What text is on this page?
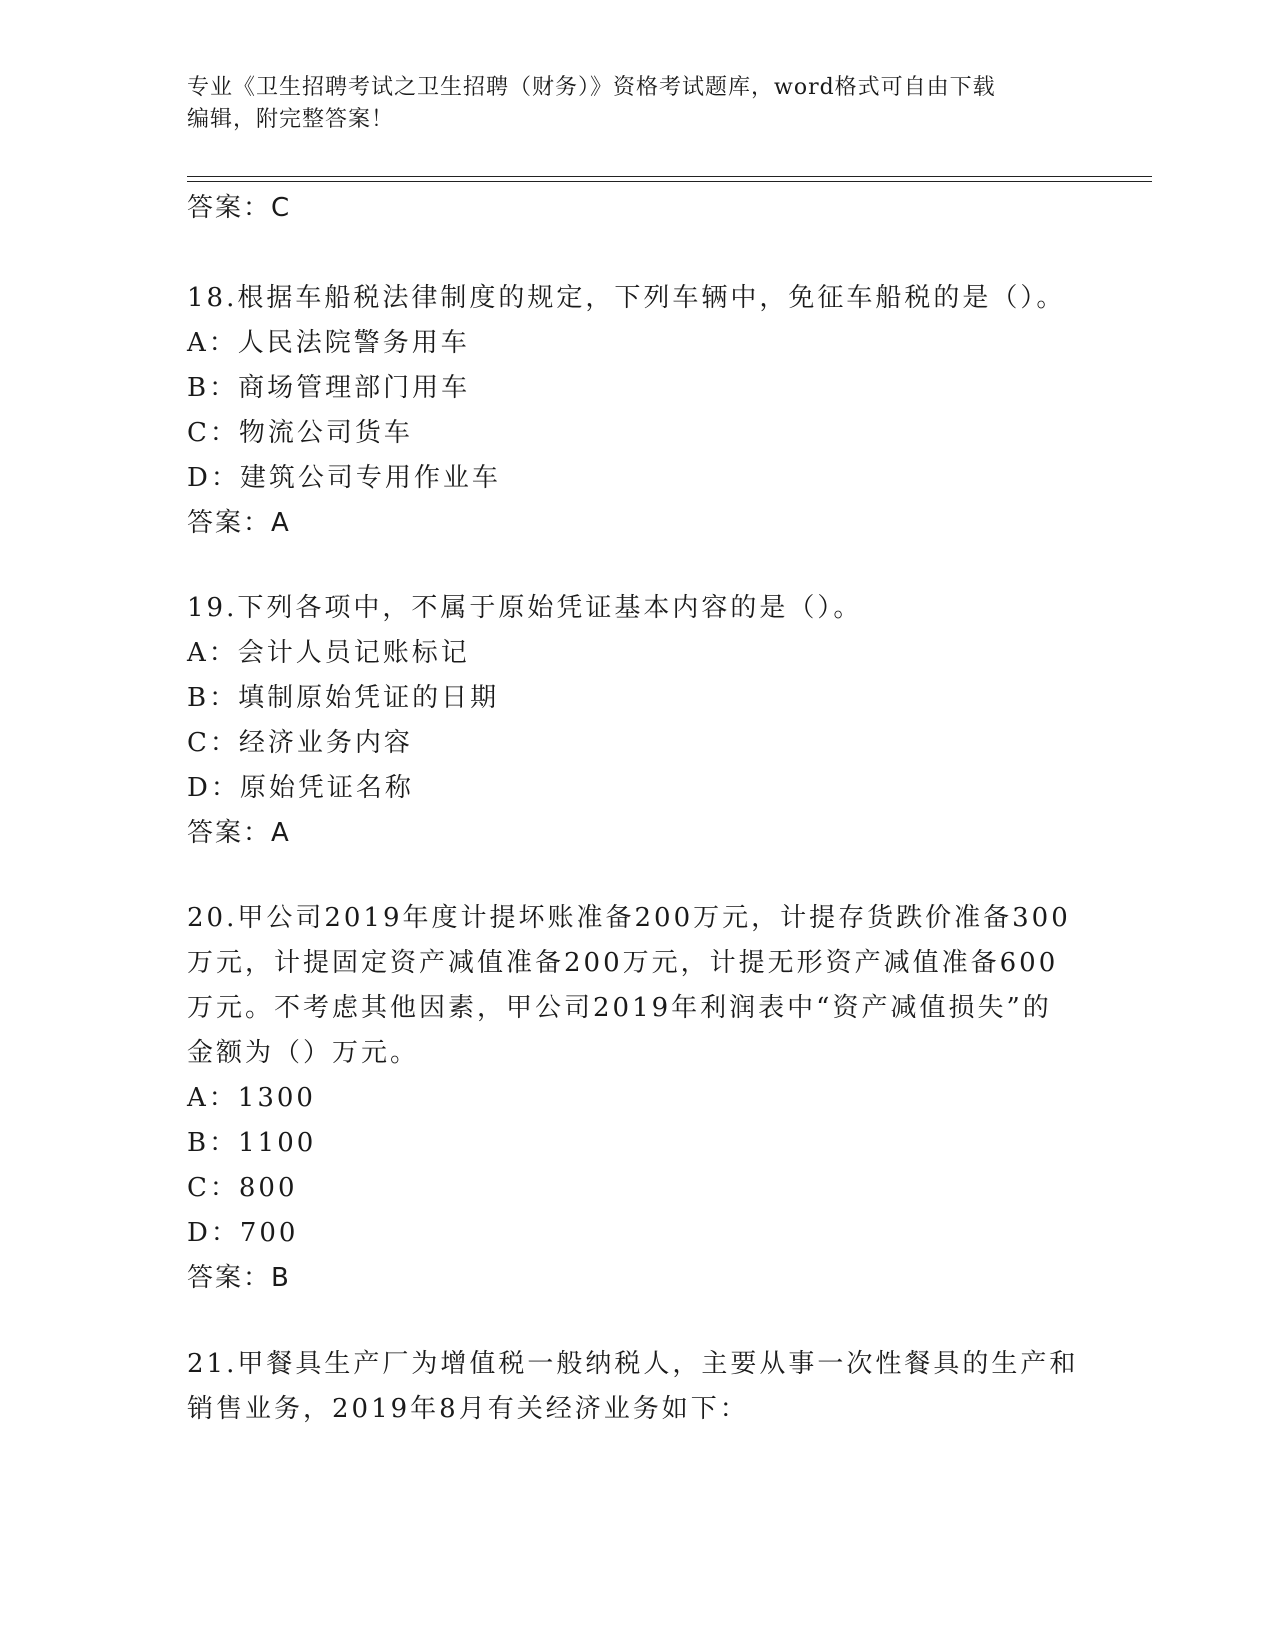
专业《卫生招聘考试之卫生招聘（财务）》资格考试题库，word格式可自由下载
编辑，附完整答案！
答案：C
18.根据车船税法律制度的规定，下列车辆中，免征车船税的是（）。
A：人民法院警务用车
B：商场管理部门用车
C：物流公司货车
D：建筑公司专用作业车
答案：A
19.下列各项中，不属于原始凭证基本内容的是（）。
A：会计人员记账标记
B：填制原始凭证的日期
C：经济业务内容
D：原始凭证名称
答案：A
20.甲公司2019年度计提坏账准备200万元，计提存货跌价准备300
万元，计提固定资产减值准备200万元，计提无形资产减值准备600
万元。不考虑其他因素，甲公司2019年利润表中“资产减值损失”的
金额为（）万元。
A：1300
B：1100
C：800
D：700
答案：B
21.甲餐具生产厂为增值税一般纳税人，主要从事一次性餐具的生产和
销售业务，2019年8月有关经济业务如下：
